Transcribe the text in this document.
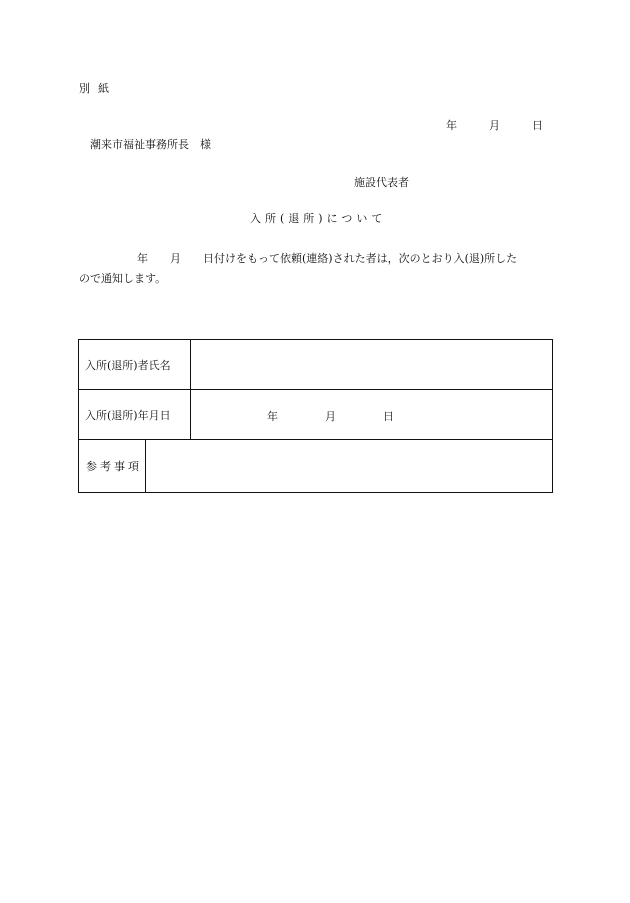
別紙
年	月	日
潮来市福祉事務所長　様
施設代表者
入所(退所)について
年 月 日付けをもって依頼(連絡)された者は，次のとおり入(退)所した
ので通知します。
入所(退所)者氏名	
入所(退所)年月日	年 月 日
参考事項	
